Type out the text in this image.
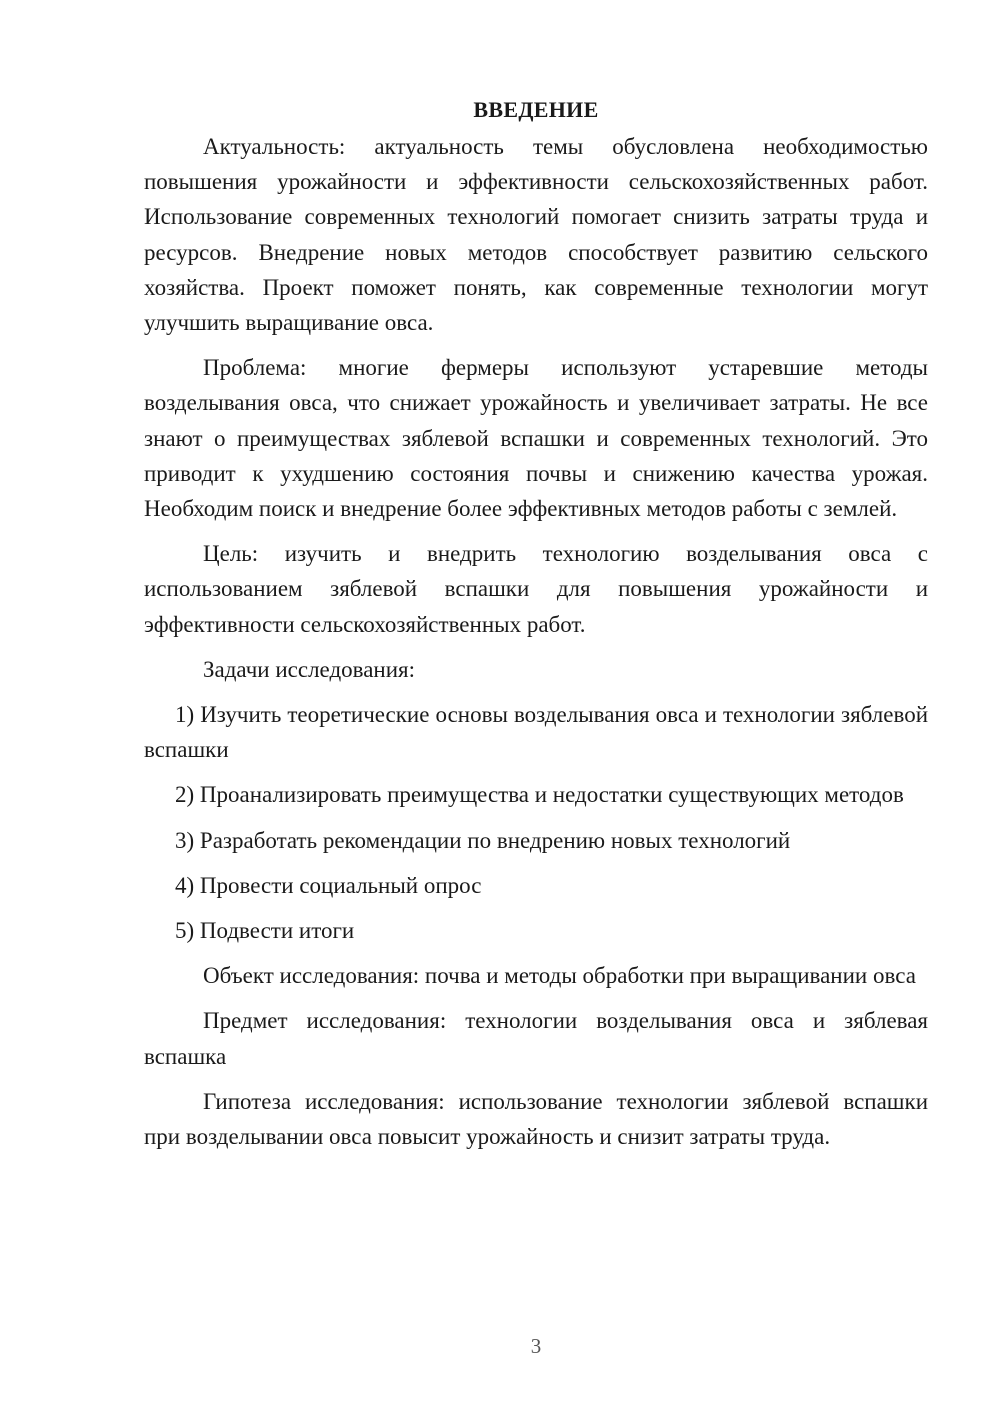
ВВЕДЕНИЕ

Актуальность: актуальность темы обусловлена необходимостью повышения урожайности и эффективности сельскохозяйственных работ. Использование современных технологий помогает снизить затраты труда и ресурсов. Внедрение новых методов способствует развитию сельского хозяйства. Проект поможет понять, как современные технологии могут улучшить выращивание овса.

Проблема: многие фермеры используют устаревшие методы возделывания овса, что снижает урожайность и увеличивает затраты. Не все знают о преимуществах зяблевой вспашки и современных технологий. Это приводит к ухудшению состояния почвы и снижению качества урожая. Необходим поиск и внедрение более эффективных методов работы с землей.

Цель: изучить и внедрить технологию возделывания овса с использованием зяблевой вспашки для повышения урожайности и эффективности сельскохозяйственных работ.

Задачи исследования:

1) Изучить теоретические основы возделывания овса и технологии зяблевой вспашки

2) Проанализировать преимущества и недостатки существующих методов

3) Разработать рекомендации по внедрению новых технологий

4) Провести социальный опрос

5) Подвести итоги

Объект исследования: почва и методы обработки при выращивании овса

Предмет исследования: технологии возделывания овса и зяблевая вспашка

Гипотеза исследования: использование технологии зяблевой вспашки при возделывании овса повысит урожайность и снизит затраты труда.

3
